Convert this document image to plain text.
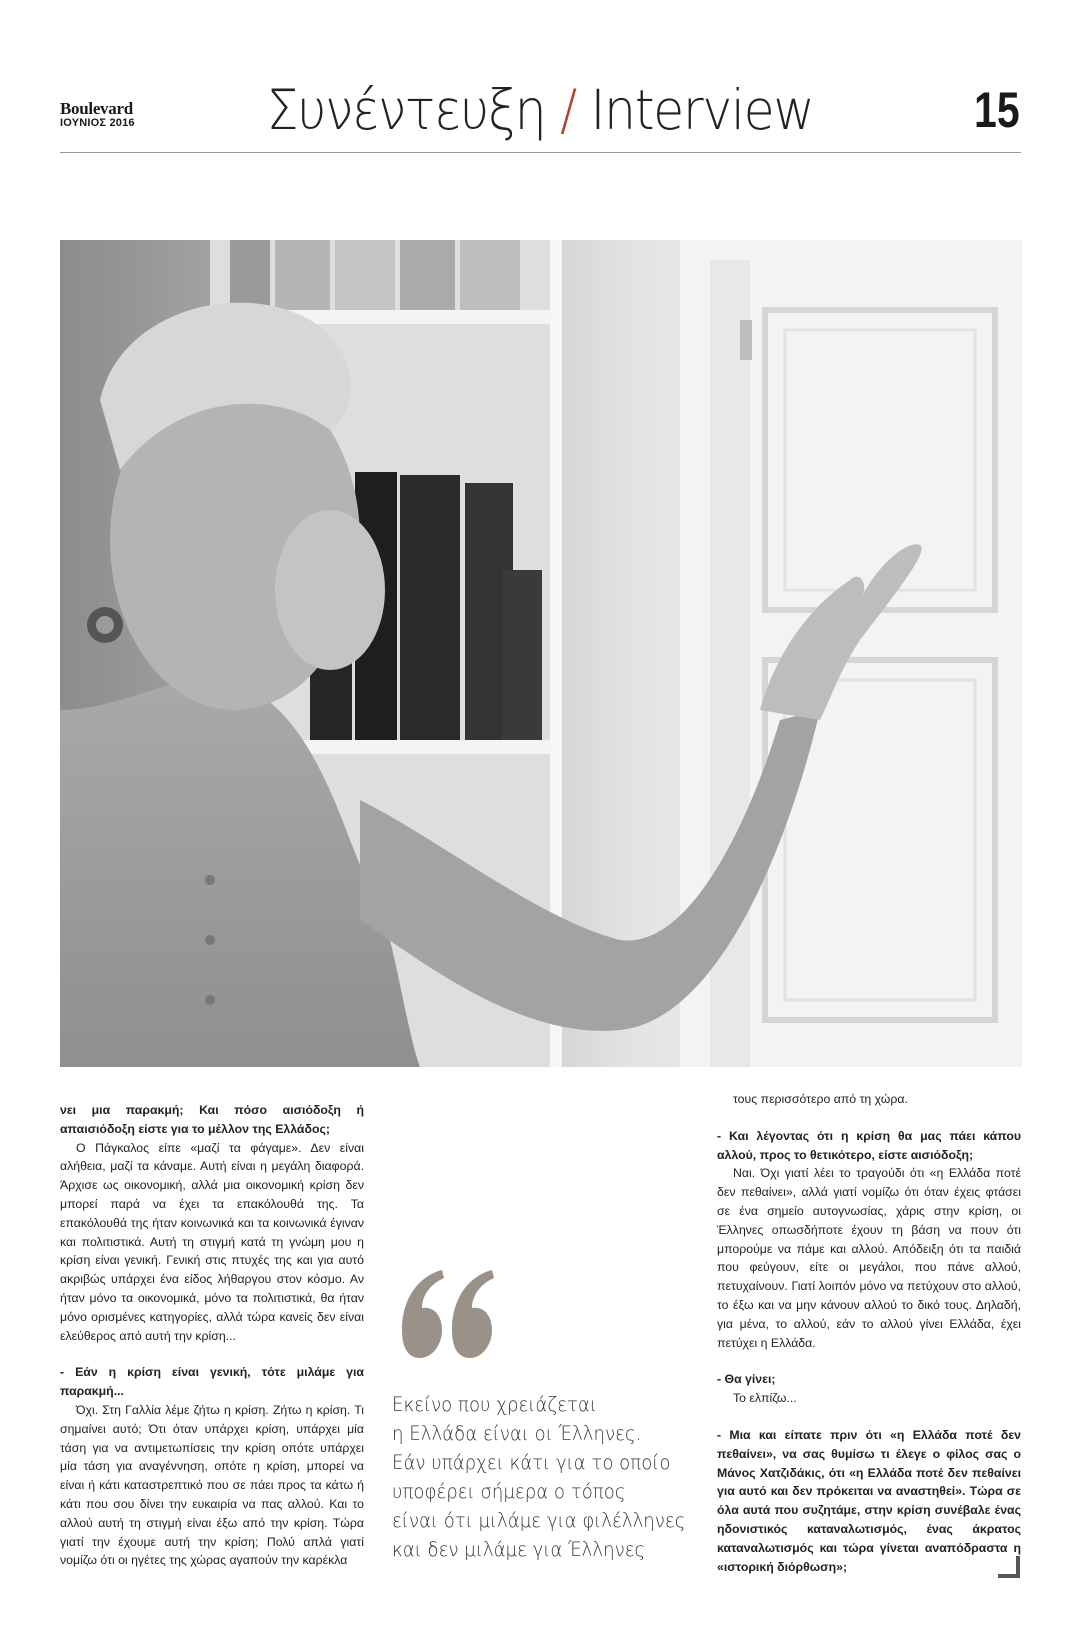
Boulevard
ΙΟΥΝΙΟΣ 2016 Συνέντευξη / Interview	15

νει μια παρακμή; Και πόσο αισιόδοξη ή απαισιόδοξη είστε για το μέλλον της Ελλάδος;

Ο Πάγκαλος είπε «μαζί τα φάγαμε». Δεν είναι αλήθεια, μαζί τα κάναμε. Αυτή είναι η μεγάλη διαφορά. Άρχισε ως οικονομική, αλλά μια οικονομική κρίση δεν μπορεί παρά να έχει τα επακόλουθά της. Τα επακόλουθά της ήταν κοινωνικά και τα κοινωνικά έγιναν και πολιτιστικά. Αυτή τη στιγμή κατά τη γνώμη μου η κρίση είναι γενική. Γενική στις πτυχές της και για αυτό ακριβώς υπάρχει ένα είδος λήθαργου στον κόσμο. Αν ήταν μόνο τα οικονομικά, μόνο τα πολιτιστικά, θα ήταν μόνο ορισμένες κατηγορίες, αλλά τώρα κανείς δεν είναι ελεύθερος από αυτή την κρίση...

- Εάν η κρίση είναι γενική, τότε μιλάμε για παρακμή...

Όχι. Στη Γαλλία λέμε ζήτω η κρίση. Ζήτω η κρίση. Τι σημαίνει αυτό; Ότι όταν υπάρχει κρίση, υπάρχει μία τάση για να αντιμετωπίσεις την κρίση οπότε υπάρχει μία τάση για αναγέννηση, οπότε η κρίση, μπορεί να είναι ή κάτι καταστρεπτικό που σε πάει προς τα κάτω ή κάτι που σου δίνει την ευκαιρία να πας αλλού. Και το αλλού αυτή τη στιγμή είναι έξω από την κρίση. Τώρα γιατί την έχουμε αυτή την κρίση; Πολύ απλά γιατί νομίζω ότι οι ηγέτες της χώρας αγαπούν την καρέκλα

Εκείνο που χρειάζεται
η Ελλάδα είναι οι Έλληνες.
Εάν υπάρχει κάτι για το οποίο
υποφέρει σήμερα ο τόπος
είναι ότι μιλάμε για φιλέλληνες
και δεν μιλάμε για Έλληνες

τους περισσότερο από τη χώρα.

- Και λέγοντας ότι η κρίση θα μας πάει κάπου αλλού, προς το θετικότερο, είστε αισιόδοξη;

Ναι. Όχι γιατί λέει το τραγούδι ότι «η Ελλάδα ποτέ δεν πεθαίνει», αλλά γιατί νομίζω ότι όταν έχεις φτάσει σε ένα σημείο αυτογνωσίας, χάρις στην κρίση, οι Έλληνες οπωσδήποτε έχουν τη βάση να πουν ότι μπορούμε να πάμε και αλλού. Απόδειξη ότι τα παιδιά που φεύγουν, είτε οι μεγάλοι, που πάνε αλλού, πετυχαίνουν. Γιατί λοιπόν μόνο να πετύχουν στο αλλού, το έξω και να μην κάνουν αλλού το δικό τους. Δηλαδή, για μένα, το αλλού, εάν το αλλού γίνει Ελλάδα, έχει πετύχει η Ελλάδα.

- Θα γίνει;

Το ελπίζω...

- Μια και είπατε πριν ότι «η Ελλάδα ποτέ δεν πεθαίνει», να σας θυμίσω τι έλεγε ο φίλος σας ο Μάνος Χατζιδάκις, ότι «η Ελλάδα ποτέ δεν πεθαίνει για αυτό και δεν πρόκειται να αναστηθεί». Τώρα σε όλα αυτά που συζητάμε, στην κρίση συνέβαλε ένας ηδονιστικός καταναλωτισμός, ένας άκρατος καταναλωτισμός και τώρα γίνεται αναπόδραστα η «ιστορική διόρθωση»;
